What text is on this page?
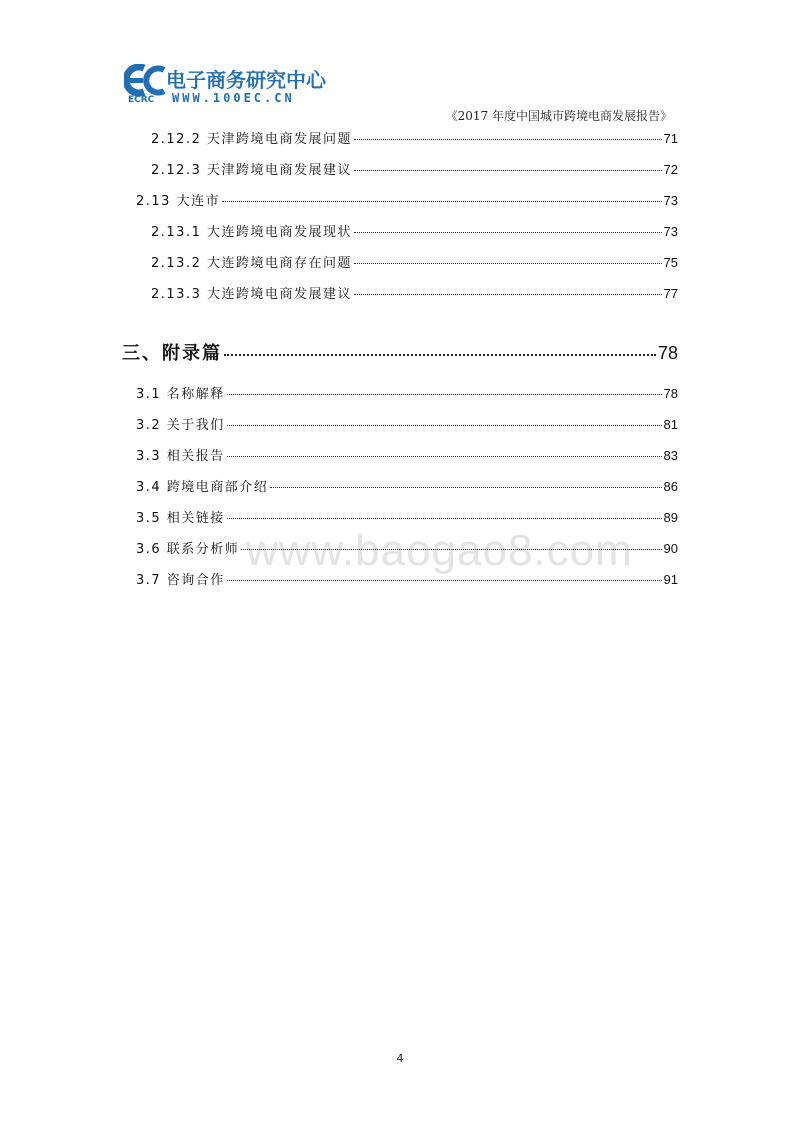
电子商务研究中心
ECRC WWW.100EC.CN
《2017 年度中国城市跨境电商发展报告》
www.baogao8.com
2.12.2 天津跨境电商发展问题	71
2.12.3 天津跨境电商发展建议	72
2.13 大连市	73
2.13.1 大连跨境电商发展现状	73
2.13.2 大连跨境电商存在问题	75
2.13.3 大连跨境电商发展建议	77
三、附录篇	78
3.1 名称解释	78
3.2 关于我们	81
3.3 相关报告	83
3.4 跨境电商部介绍	86
3.5 相关链接	89
3.6 联系分析师	90
3.7 咨询合作	91
4
